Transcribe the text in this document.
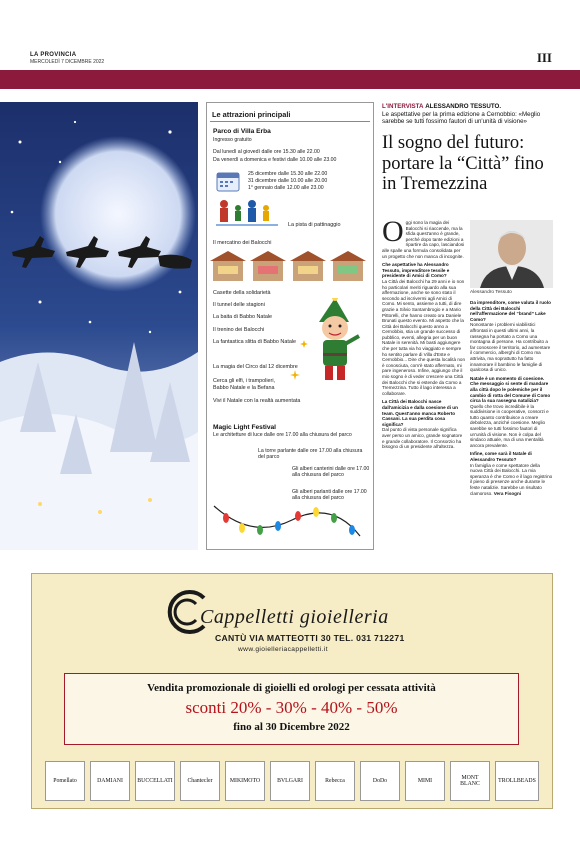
LA PROVINCIA
MERCOLEDÌ 7 DICEMBRE 2022	III
Le attrazioni principali
Parco di Villa Erba
Ingresso gratuito
Dal lunedì al giovedì dalle ore 15.30 alle 22.00
Da venerdì a domenica e festivi dalle 10.00 alle 23.00
25 dicembre dalle 15.30 alle 22.00
31 dicembre dalle 10.00 alle 20.00
1° gennaio dalle 12.00 alle 23.00
La pista di pattinaggio
Il mercatino dei Balocchi
Casette della solidarietà
Il tunnel delle stagioni
La baita di Babbo Natale
Il trenino dei Balocchi
La fantastica slitta di Babbo Natale
La magia del Circo dal 12 dicembre
Cerca gli elfi, i trampolieri,
Babbo Natale e la Befana
Vivi il Natale con la realtà aumentata
Magic Light Festival
Le architetture di luce dalle ore 17.00 alla chiusura del parco
La torre parlante dalle ore 17.00 alla chiusura del parco
Gli alberi canterini dalle ore 17.00 alla chiusura del parco
Gli alberi parlanti dalle ore 17.00 alla chiusura del parco
L'INTERVISTA ALESSANDRO TESSUTO.
Le aspettative per la prima edizione a Cernobbio: «Meglio sarebbe se tutti fossimo fautori di un'unità di visione»
Il sogno del futuro: portare la “Città” fino in Tremezzina
O ggi sono la magia dei Balocchi si riaccende, ma la sfida quest'anno è grande, perché dopo tante edizioni a ripartire da capo, lasciandosi alle spalle una formula consolidata per un progetto che non manca di incognite.

Che aspettative ha Alessandro Tessuto, imprenditore tessile e presidente di Amici di Como?

La Città dei Balocchi ha 29 anni e io non ho particolari meriti riguardo alla sua affermazione, anche se sono stato il secondo ad iscrivermi agli Amici di Como. Mi sento, assieme a tutti, di dire grazie a Silvio Santambrogio e a Mario Pittorelli, che hanno creato ora Daniele Brunati questo evento. Mi aspetto che la Città dei Balocchi questo anno a Cernobbio, stia un grande successo di pubblico, eventi, allegria per un buon Natale in serenità. Mi basti aggiungere che per tutta via ho viaggiato e sempre ho sentito parlare di Villa d'Este e Cernobbio... Dire che questa località non è conosciuta, com'è stato affermato, mi pare ingeneroso. Infine, aggiungo che il mio sogno è di veder crescere una Città dei Balocchi che si estende da Como a Tremezzina. Tutto il lago interessa a collaborare.

La Città dei Balocchi nasce dall'amicizia e dalla coesione di un team. Quest'anno manca Roberto Cassani. La sua perdita cosa significa?

Dal punto di vista personale significa aver perso un amico, grande sognatore e grande collaboratore. Il Consorzio ha bisogno di un presidente all'altezza.

Alessandro Tessuto

Da imprenditore, come valuta il ruolo della Città dei Balocchi nell'affermazione del “brand” Lake Como?

Nonostante i problemi viabilistici affrontati in questi ultimi anni, la rassegna ha portato a Como una montagna di persone. Ha contribuito a far conoscere il territorio, ad aumentare il commercio, alberghi di Como ma attrivita, ma soprattutto ha fatto innamorare il bambino le famiglie di qualcosa di unico.

Natale è un momento di coesione. Che messaggio si sente di mandare alla città dopo le polemiche per il cambio di rotta del Comune di Como circa la sua rassegna natalizia?

Quello che trovo incredibile è la suddivisione in cooperative, consorzi e tutto quanto contribuisce a creare debolezza, anziché coesione. Meglio sarebbe se tutti fossimo fautori di un'unità di visione. Non è colpa del sindaco attuale, ma di una mentalità ancora prevalente.

Infine, come sarà il Natale di Alessandro Tessuto?

In famiglia e come spettatore della nuova Città dei Balocchi. La mia speranza è che Como e il lago registrino il pieno di presenze anche durante le feste natalizie. Sarebbe un risultato clamoroso. Vera Fisogni

Cappelletti gioielleria
CANTÙ VIA MATTEOTTI 30 TEL. 031 712271
www.gioielleriacappelletti.it
Vendita promozionale di gioielli ed orologi per cessata attività
sconti 20% - 30% - 40% - 50%
fino al 30 Dicembre 2022
Pomellato	DAMIANI	BUCCELLATI	Chantecler	MIKIMOTO	BVLGARI	Rebecca	DoDo	MIMI	MONT BLANC	TROLLBEADS
